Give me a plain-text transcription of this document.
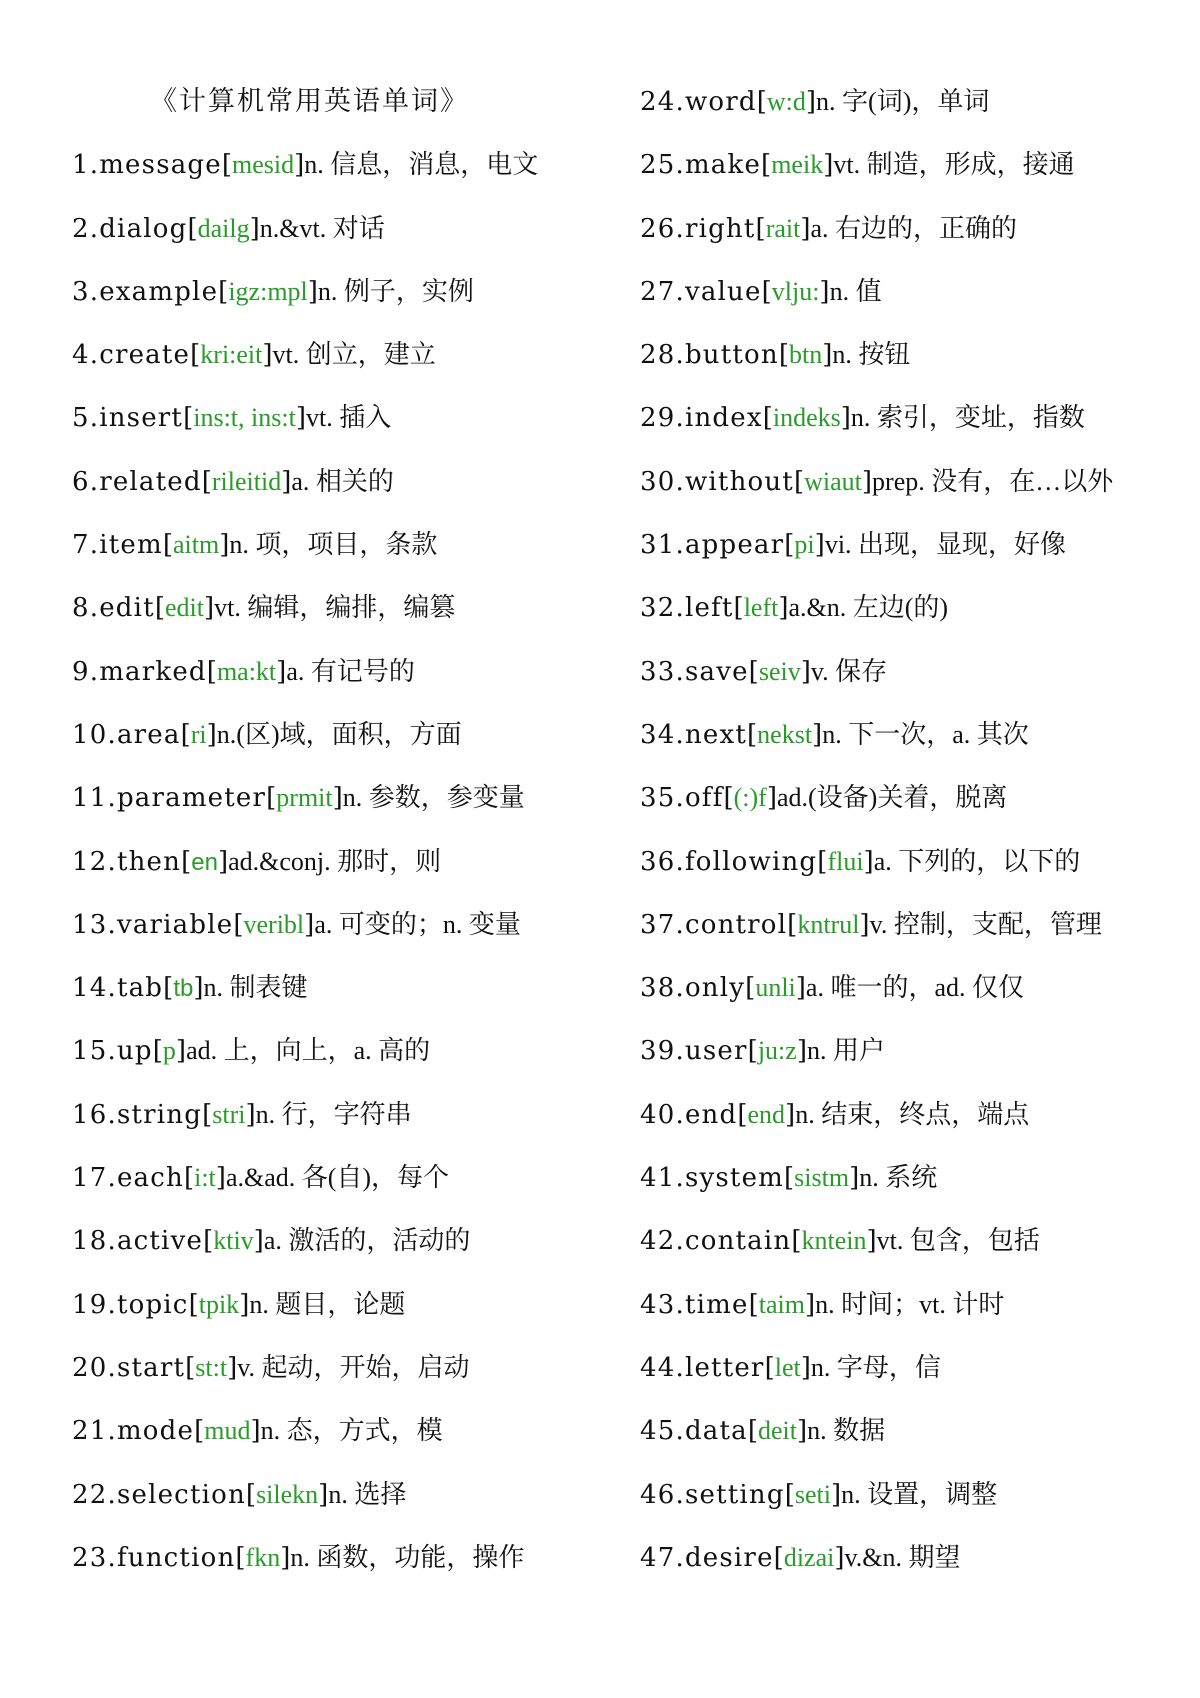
《计算机常用英语单词》
1.message[mesid]n. 信息，消息，电文
2.dialog[dailg]n.&vt. 对话
3.example[igz:mpl]n. 例子，实例
4.create[kri:eit]vt. 创立，建立
5.insert[ins:t, ins:t]vt. 插入
6.related[rileitid]a. 相关的
7.item[aitm]n. 项，项目，条款
8.edit[edit]vt. 编辑，编排，编篡
9.marked[ma:kt]a. 有记号的
10.area[ri]n.(区)域，面积，方面
11.parameter[prmit]n. 参数，参变量
12.then[en]ad.&conj. 那时，则
13.variable[veribl]a. 可变的；n. 变量
14.tab[tb]n. 制表键
15.up[p]ad. 上，向上，a. 高的
16.string[stri]n. 行，字符串
17.each[i:t]a.&ad. 各(自)，每个
18.active[ktiv]a. 激活的，活动的
19.topic[tpik]n. 题目，论题
20.start[st:t]v. 起动，开始，启动
21.mode[mud]n. 态，方式，模
22.selection[silekn]n. 选择
23.function[fkn]n. 函数，功能，操作
24.word[w:d]n. 字(词)，单词
25.make[meik]vt. 制造，形成，接通
26.right[rait]a. 右边的，正确的
27.value[vlju:]n. 值
28.button[btn]n. 按钮
29.index[indeks]n. 索引，变址，指数
30.without[wiaut]prep. 没有，在…以外
31.appear[pi]vi. 出现，显现，好像
32.left[left]a.&n. 左边(的)
33.save[seiv]v. 保存
34.next[nekst]n. 下一次，a. 其次
35.off[(:)f]ad.(设备)关着，脱离
36.following[flui]a. 下列的，以下的
37.control[kntrul]v. 控制，支配，管理
38.only[unli]a. 唯一的，ad. 仅仅
39.user[ju:z]n. 用户
40.end[end]n. 结束，终点，端点
41.system[sistm]n. 系统
42.contain[kntein]vt. 包含，包括
43.time[taim]n. 时间；vt. 计时
44.letter[let]n. 字母，信
45.data[deit]n. 数据
46.setting[seti]n. 设置，调整
47.desire[dizai]v.&n. 期望
